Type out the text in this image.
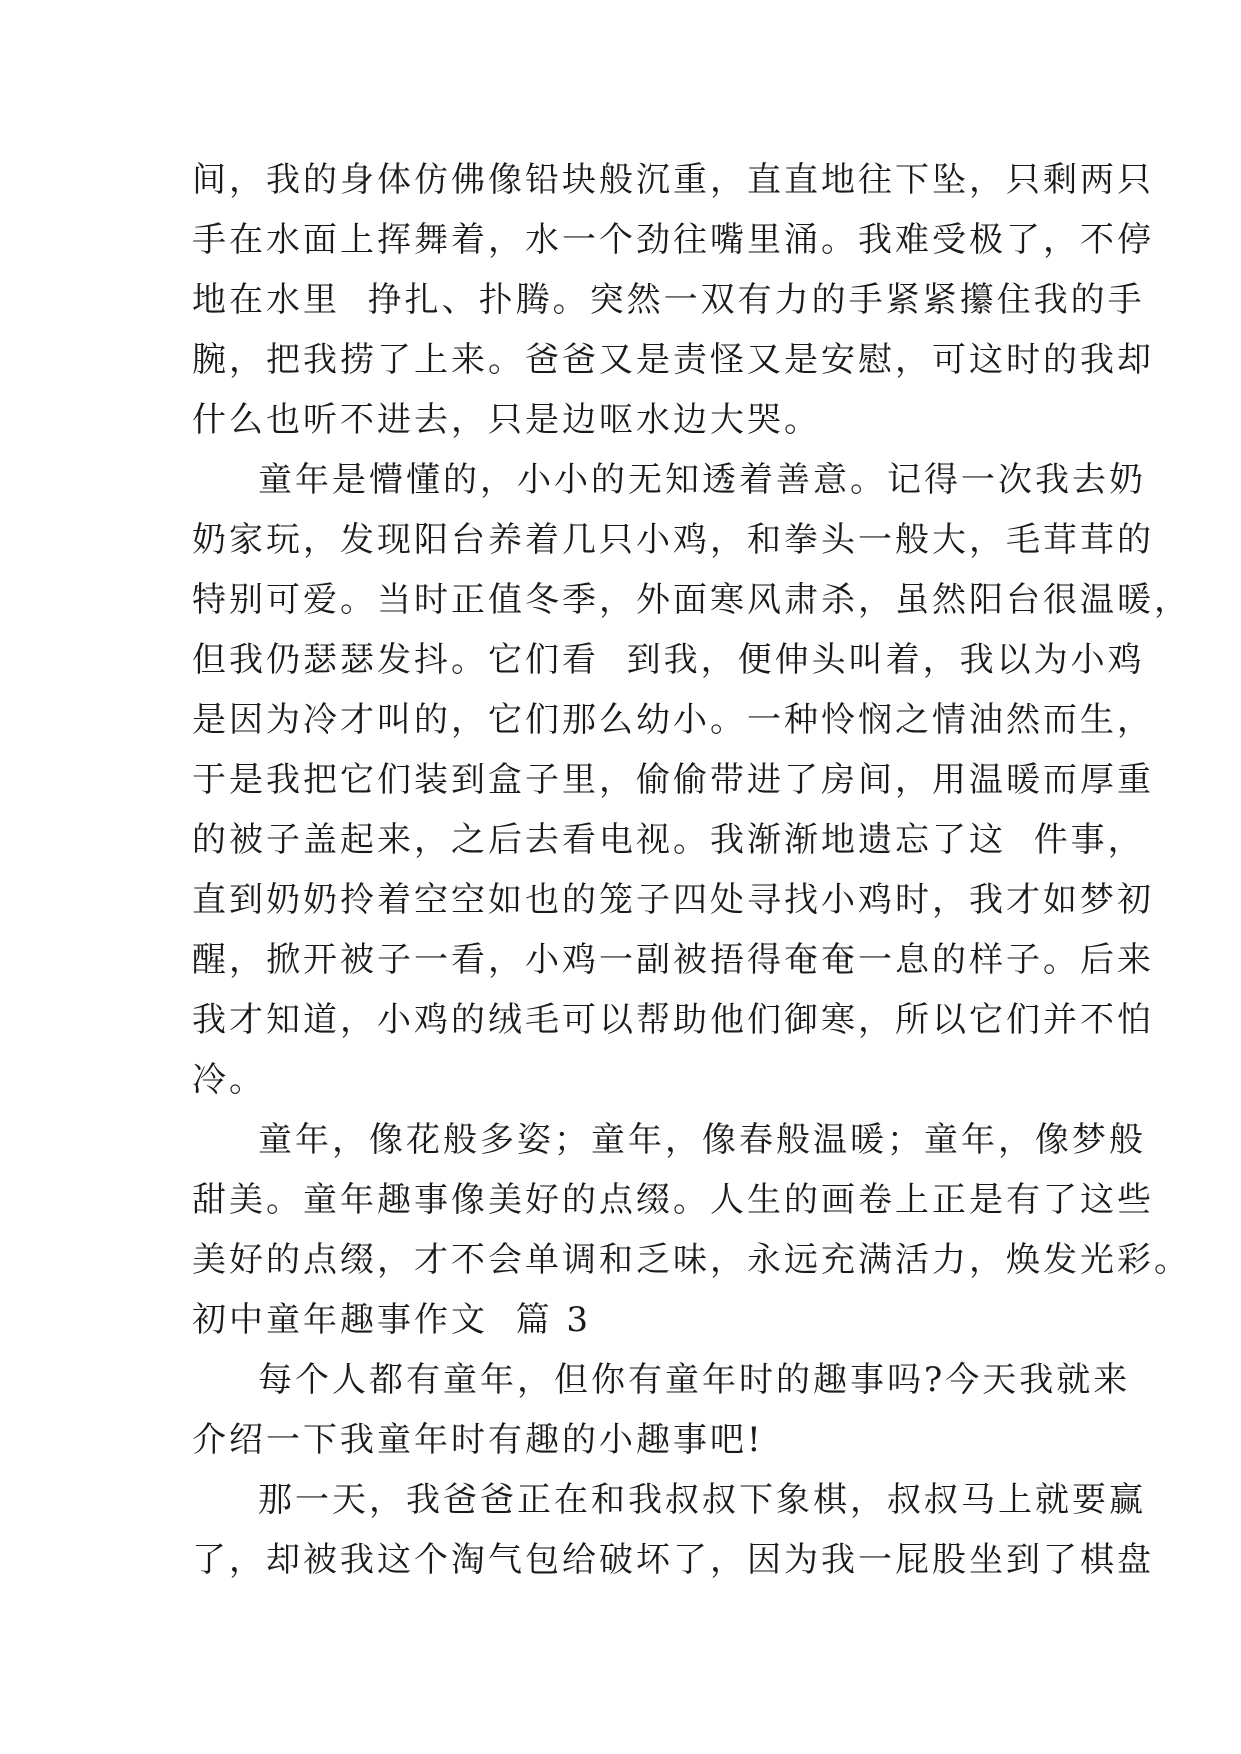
间，我的身体仿佛像铅块般沉重，直直地往下坠，只剩两只
手在水面上挥舞着，水一个劲往嘴里涌。我难受极了，不停
地在水里  挣扎、扑腾。突然一双有力的手紧紧攥住我的手
腕，把我捞了上来。爸爸又是责怪又是安慰，可这时的我却
什么也听不进去，只是边呕水边大哭。
童年是懵懂的，小小的无知透着善意。记得一次我去奶
奶家玩，发现阳台养着几只小鸡，和拳头一般大，毛茸茸的
特别可爱。当时正值冬季，外面寒风肃杀，虽然阳台很温暖，
但我仍瑟瑟发抖。它们看  到我，便伸头叫着，我以为小鸡
是因为冷才叫的，它们那么幼小。一种怜悯之情油然而生，
于是我把它们装到盒子里，偷偷带进了房间，用温暖而厚重
的被子盖起来，之后去看电视。我渐渐地遗忘了这  件事，
直到奶奶拎着空空如也的笼子四处寻找小鸡时，我才如梦初
醒，掀开被子一看，小鸡一副被捂得奄奄一息的样子。后来
我才知道，小鸡的绒毛可以帮助他们御寒，所以它们并不怕
冷。
童年，像花般多姿；童年，像春般温暖；童年，像梦般
甜美。童年趣事像美好的点缀。人生的画卷上正是有了这些
美好的点缀，才不会单调和乏味，永远充满活力，焕发光彩。
初中童年趣事作文  篇 3
每个人都有童年，但你有童年时的趣事吗?今天我就来
介绍一下我童年时有趣的小趣事吧!
那一天，我爸爸正在和我叔叔下象棋，叔叔马上就要赢
了，却被我这个淘气包给破坏了，因为我一屁股坐到了棋盘
